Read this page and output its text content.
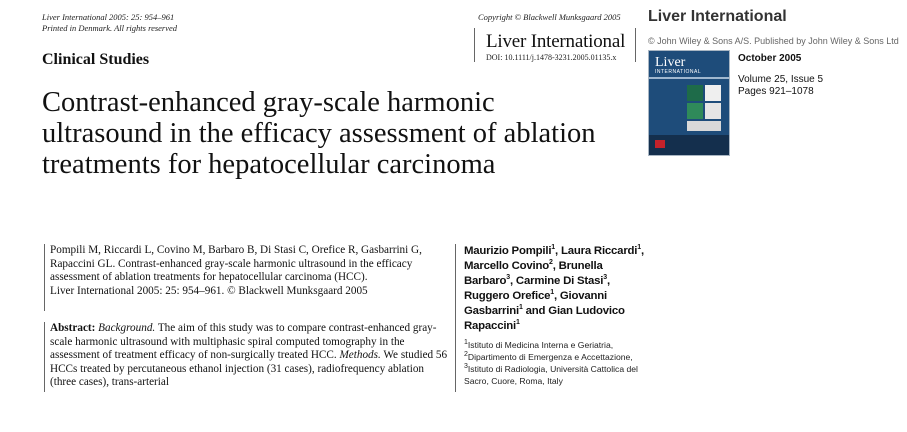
Liver International 2005: 25: 954–961
Printed in Denmark. All rights reserved
Copyright © Blackwell Munksgaard 2005
Liver International
DOI: 10.1111/j.1478-3231.2005.01135.x
Clinical Studies
Contrast-enhanced gray-scale harmonic ultrasound in the efficacy assessment of ablation treatments for hepatocellular carcinoma
Pompili M, Riccardi L, Covino M, Barbaro B, Di Stasi C, Orefice R, Gasbarrini G, Rapaccini GL. Contrast-enhanced gray-scale harmonic ultrasound in the efficacy assessment of ablation treatments for hepatocellular carcinoma (HCC).
Liver International 2005: 25: 954–961. © Blackwell Munksgaard 2005
Abstract: Background. The aim of this study was to compare contrast-enhanced gray-scale harmonic ultrasound with multiphasic spiral computed tomography in the assessment of treatment efficacy of non-surgically treated HCC. Methods. We studied 56 HCCs treated by percutaneous ethanol injection (31 cases), radiofrequency ablation (three cases), trans-arterial
Maurizio Pompili$^1$, Laura Riccardi$^1$, Marcello Covino$^2$, Brunella Barbaro$^3$, Carmine Di Stasi$^3$, Ruggero Orefice$^1$, Giovanni Gasbarrini$^1$ and Gian Ludovico Rapaccini$^1$
$^1$Istituto di Medicina Interna e Geriatria,
$^2$Dipartimento di Emergenza e Accettazione,
$^3$Istituto di Radiologia, Università Cattolica del Sacro, Cuore, Roma, Italy
Liver International
© John Wiley & Sons A/S. Published by John Wiley & Sons Ltd
Liver
INTERNATIONAL
October 2005
Volume 25, Issue 5
Pages 921–1078
